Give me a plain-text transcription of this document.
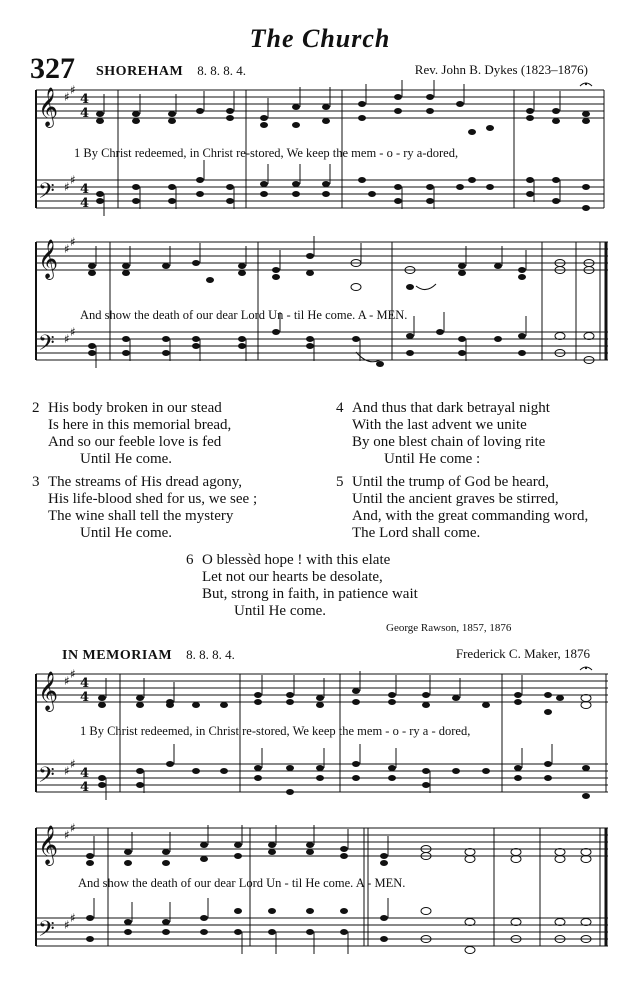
The Church
327 SHOREHAM 8. 8. 8. 4.	Rev. John B. Dykes (1823–1876)
𝄞
𝄢
♯ ♯
♯ ♯
4
4
4
4
1 By Christ redeemed, in Christ re-stored, We keep the mem - o - ry a-dored,
𝄞
𝄢
♯ ♯
♯ ♯
And show the death of our dear Lord Un - til He come. A - MEN.
2 His body broken in our stead
Is here in this memorial bread,
And so our feeble love is fed
Until He come.
3 The streams of His dread agony,
His life-blood shed for us, we see ;
The wine shall tell the mystery
Until He come.
4 And thus that dark betrayal night
With the last advent we unite
By one blest chain of loving rite
Until He come :
5 Until the trump of God be heard,
Until the ancient graves be stirred,
And, with the great commanding word,
The Lord shall come.
6 O blessèd hope ! with this elate
Let not our hearts be desolate,
But, strong in faith, in patience wait
Until He come.
George Rawson, 1857, 1876
IN MEMORIAM 8. 8. 8. 4.	Frederick C. Maker, 1876
𝄞
𝄢
♯ ♯
♯ ♯
4
4
4
4
1 By Christ redeemed, in Christ re-stored, We keep the mem - o - ry a - dored,
𝄞
𝄢
♯ ♯
♯ ♯
And show the death of our dear Lord Un - til He come. A - MEN.
